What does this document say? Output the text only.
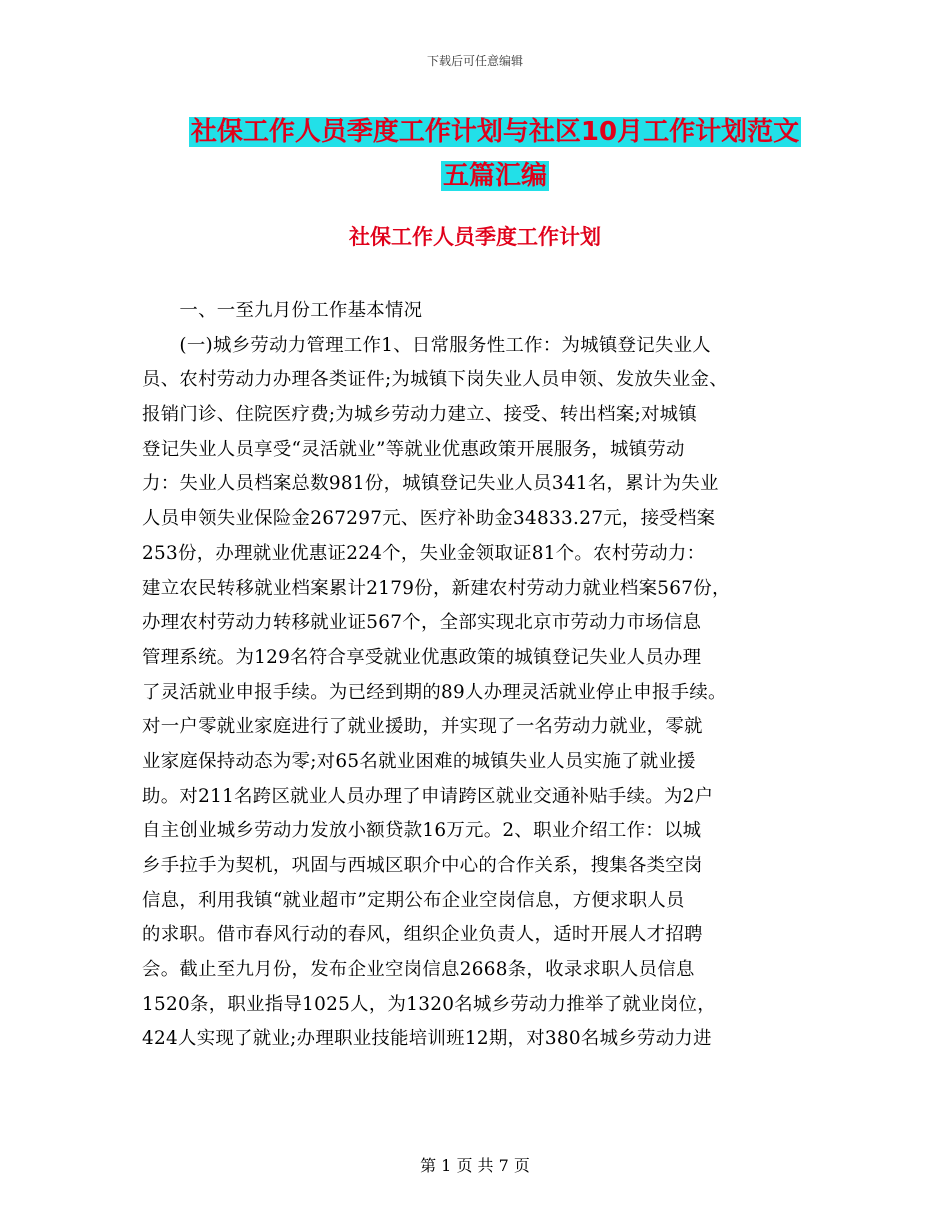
下载后可任意编辑
社保工作人员季度工作计划与社区10月工作计划范文
五篇汇编
社保工作人员季度工作计划
　　一、一至九月份工作基本情况
　　(一)城乡劳动力管理工作1、日常服务性工作：为城镇登记失业人
员、农村劳动力办理各类证件;为城镇下岗失业人员申领、发放失业金、
报销门诊、住院医疗费;为城乡劳动力建立、接受、转出档案;对城镇
登记失业人员享受“灵活就业”等就业优惠政策开展服务，城镇劳动
力：失业人员档案总数981份，城镇登记失业人员341名，累计为失业
人员申领失业保险金267297元、医疗补助金34833.27元，接受档案
253份，办理就业优惠证224个，失业金领取证81个。农村劳动力：
建立农民转移就业档案累计2179份，新建农村劳动力就业档案567份，
办理农村劳动力转移就业证567个，全部实现北京市劳动力市场信息
管理系统。为129名符合享受就业优惠政策的城镇登记失业人员办理
了灵活就业申报手续。为已经到期的89人办理灵活就业停止申报手续。
对一户零就业家庭进行了就业援助，并实现了一名劳动力就业，零就
业家庭保持动态为零;对65名就业困难的城镇失业人员实施了就业援
助。对211名跨区就业人员办理了申请跨区就业交通补贴手续。为2户
自主创业城乡劳动力发放小额贷款16万元。2、职业介绍工作：以城
乡手拉手为契机，巩固与西城区职介中心的合作关系，搜集各类空岗
信息，利用我镇“就业超市”定期公布企业空岗信息，方便求职人员
的求职。借市春风行动的春风，组织企业负责人，适时开展人才招聘
会。截止至九月份，发布企业空岗信息2668条，收录求职人员信息
1520条，职业指导1025人，为1320名城乡劳动力推举了就业岗位，
424人实现了就业;办理职业技能培训班12期，对380名城乡劳动力进
第 1 页 共 7 页
